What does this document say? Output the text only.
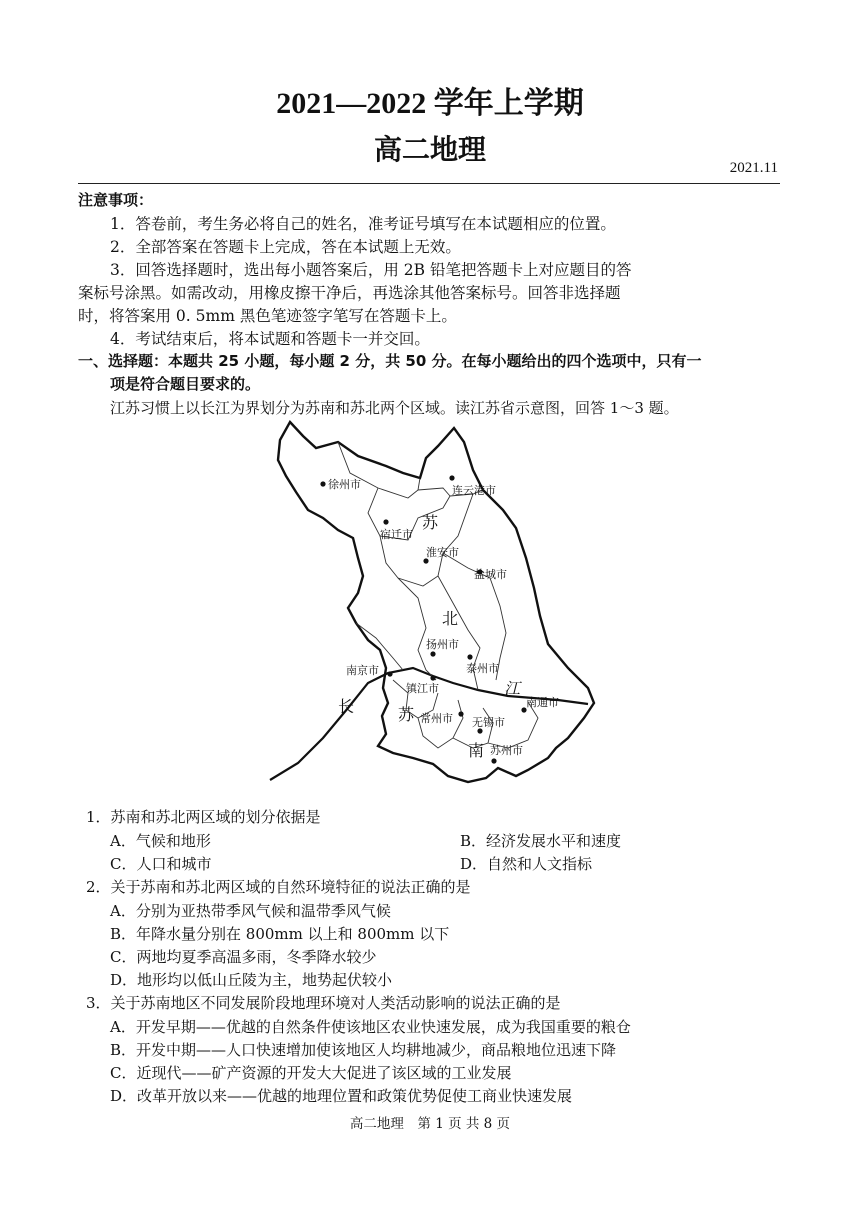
2021—2022 学年上学期
高二地理
2021.11
注意事项：
1．答卷前，考生务必将自己的姓名，准考证号填写在本试题相应的位置。
2．全部答案在答题卡上完成，答在本试题上无效。
3．回答选择题时，选出每小题答案后，用 2B 铅笔把答题卡上对应题目的答
案标号涂黑。如需改动，用橡皮擦干净后，再选涂其他答案标号。回答非选择题
时，将答案用 0. 5mm 黑色笔迹签字笔写在答题卡上。
4．考试结束后，将本试题和答题卡一并交回。
一、选择题：本题共 25 小题，每小题 2 分，共 50 分。在每小题给出的四个选项中，只有一
项是符合题目要求的。
江苏习惯上以长江为界划分为苏南和苏北两个区域。读江苏省示意图，回答 1～3 题。
徐州市	连云港市
宿迁市
淮安市
盐城市
扬州市
泰州市
南京市
镇江市
南通市
常州市 无锡市
苏州市
苏
北
长
江
苏
南
1．苏南和苏北两区域的划分依据是
A．气候和地形	B．经济发展水平和速度
C．人口和城市	D．自然和人文指标
2．关于苏南和苏北两区域的自然环境特征的说法正确的是
A．分别为亚热带季风气候和温带季风气候
B．年降水量分别在 800mm 以上和 800mm 以下
C．两地均夏季高温多雨，冬季降水较少
D．地形均以低山丘陵为主，地势起伏较小
3．关于苏南地区不同发展阶段地理环境对人类活动影响的说法正确的是
A．开发早期——优越的自然条件使该地区农业快速发展，成为我国重要的粮仓
B．开发中期——人口快速增加使该地区人均耕地减少，商品粮地位迅速下降
C．近现代——矿产资源的开发大大促进了该区域的工业发展
D．改革开放以来——优越的地理位置和政策优势促使工商业快速发展
高二地理　第 1 页 共 8 页
